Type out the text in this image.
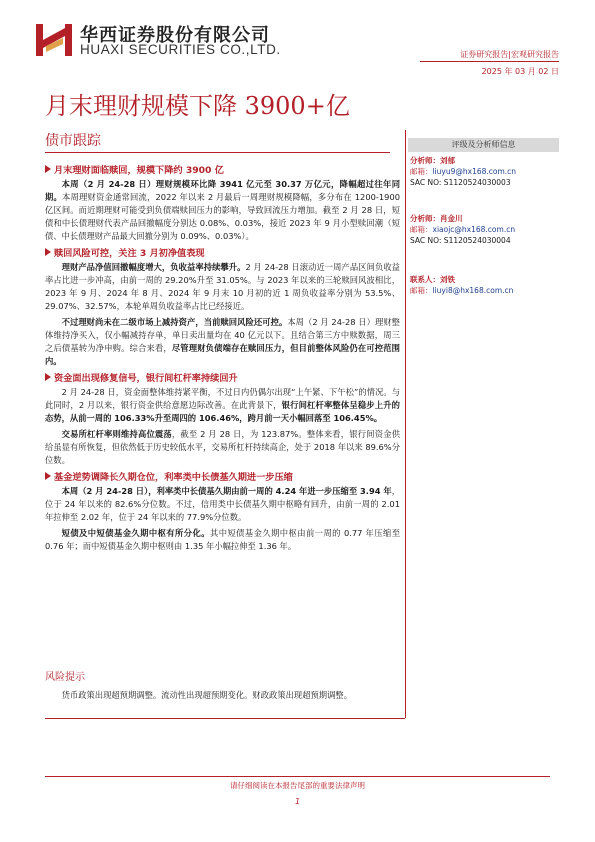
华西证券股份有限公司
HUAXI SECURITIES CO.,LTD.	证券研究报告|宏观研究报告
2025 年 03 月 02 日
月末理财规模下降 3900+亿
债市跟踪
月末理财面临赎回，规模下降约 3900 亿

本周（2 月 24-28 日）理财规模环比降 3941 亿元至 30.37 万亿元，降幅超过往年同期。本周理财资金通常回流，2022 年以来 2 月最后一周理财规模降幅，多分布在 1200-1900 亿区间。而近期理财可能受到负债端赎回压力的影响，导致回流压力增加。截至 2 月 28 日，短债和中长债理财代表产品回撤幅度分别达 0.08%、0.03%，接近 2023 年 9 月小型赎回潮（短债、中长债理财产品最大回撤分别为 0.09%、0.03%）。

赎回风险可控，关注 3 月初净值表现

理财产品净值回撤幅度增大，负收益率持续攀升。2 月 24-28 日滚动近一周产品区间负收益率占比进一步冲高，由前一周的 29.20%升至 31.05%。与 2023 年以来的三轮赎回风波相比，2023 年 9 月、2024 年 8 月、2024 年 9 月末 10 月初的近 1 周负收益率分别为 53.5%、29.07%、32.57%，本轮单周负收益率占比已经接近。

不过理财尚未在二级市场上减持资产，当前赎回风险还可控。本周（2 月 24-28 日）理财整体维持净买入，仅小幅减持存单，单日卖出量均在 40 亿元以下。且结合第三方中赎数据，周三之后债基转为净申购。综合来看，尽管理财负债端存在赎回压力，但目前整体风险仍在可控范围内。

资金面出现修复信号，银行间杠杆率持续回升

2 月 24-28 日，资金面整体维持紧平衡，不过日内仍偶尔出现“上午紧、下午松”的情况。与此同时，2 月以来，银行资金供给意愿边际改善。在此背景下，银行间杠杆率整体呈稳步上升的态势，从前一周的 106.33%升至周四的 106.46%，跨月前一天小幅回落至 106.45%。

交易所杠杆率则维持高位震荡，截至 2 月 28 日，为 123.87%。整体来看，银行间资金供给虽显有所恢复，但依然低于历史较低水平，交易所杠杆持续高企，处于 2018 年以来 89.6%分位数。

基金逆势调降长久期仓位，利率类中长债基久期进一步压缩

本周（2 月 24-28 日），利率类中长债基久期由前一周的 4.24 年进一步压缩至 3.94 年，位于 24 年以来的 82.6%分位数。不过，信用类中长债基久期中枢略有回升，由前一周的 2.01 年拉伸至 2.02 年，位于 24 年以来的 77.9%分位数。

短债及中短债基金久期中枢有所分化。其中短债基金久期中枢由前一周的 0.77 年压缩至 0.76 年；而中短债基金久期中枢则由 1.35 年小幅拉伸至 1.36 年。

风险提示
货币政策出现超预期调整。流动性出现超预期变化。财政政策出现超预期调整。
评级及分析师信息
分析师：刘郁
邮箱：liuyu9@hx168.com.cn
SAC NO: S1120524030003
分析师：肖金川
邮箱：xiaojc@hx168.com.cn
SAC NO: S1120524030004
联系人：刘铁
邮箱：liuyi8@hx168.com.cn
请仔细阅读在本报告尾部的重要法律声明
1
